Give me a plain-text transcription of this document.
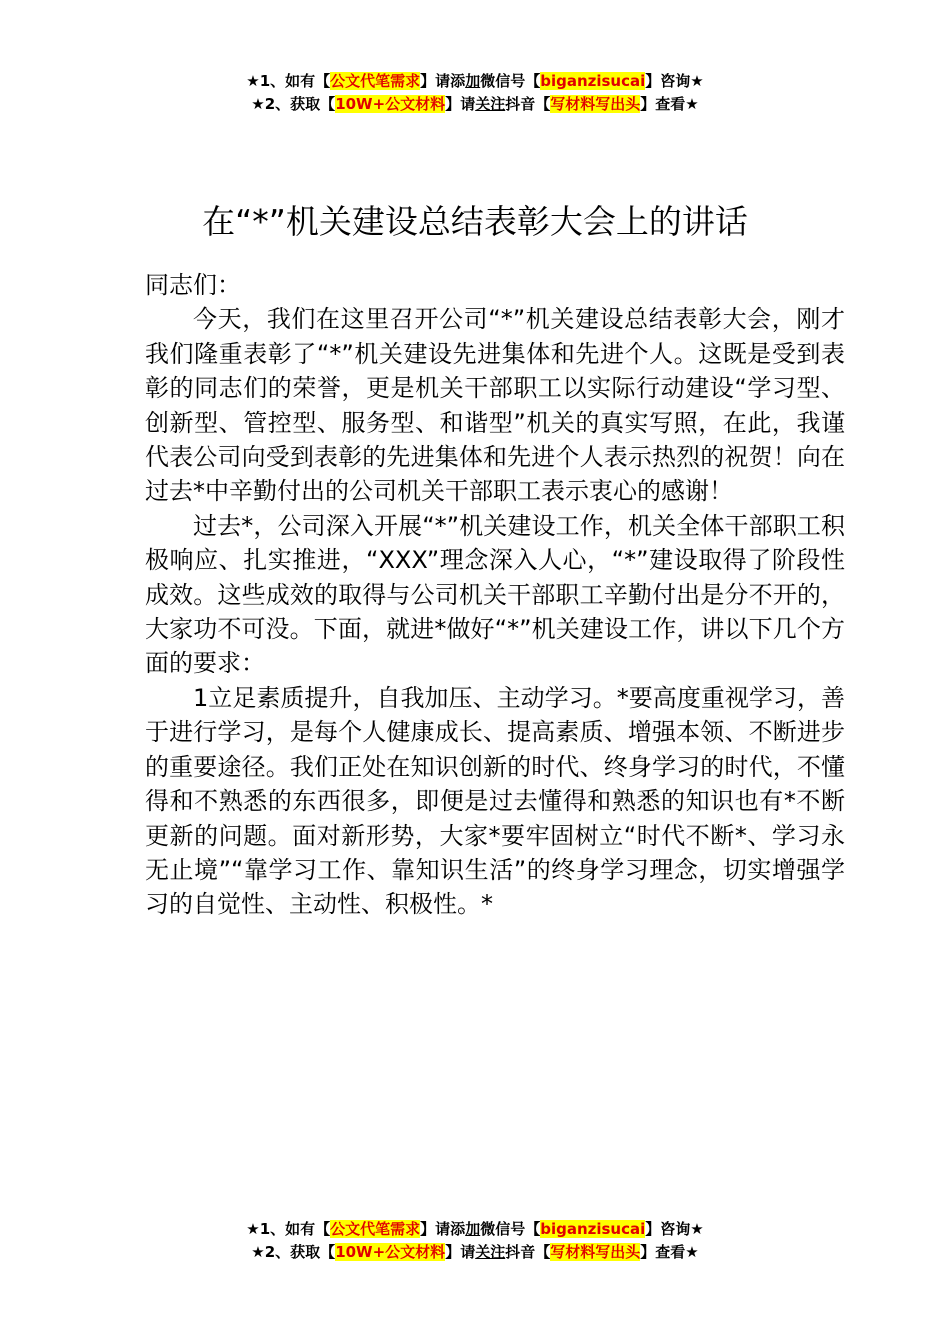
★1、如有【公文代笔需求】请添加微信号【biganzisucai】咨询★
★2、获取【10W+公文材料】请关注抖音【写材料写出头】查看★
在“*”机关建设总结表彰大会上的讲话

同志们：

今天，我们在这里召开公司“*”机关建设总结表彰大会，刚才我们隆重表彰了“*”机关建设先进集体和先进个人。这既是受到表彰的同志们的荣誉，更是机关干部职工以实际行动建设“学习型、创新型、管控型、服务型、和谐型”机关的真实写照，在此，我谨代表公司向受到表彰的先进集体和先进个人表示热烈的祝贺！向在过去*中辛勤付出的公司机关干部职工表示衷心的感谢！

过去*，公司深入开展“*”机关建设工作，机关全体干部职工积极响应、扎实推进，“XXX”理念深入人心，“*”建设取得了阶段性成效。这些成效的取得与公司机关干部职工辛勤付出是分不开的，大家功不可没。下面，就进*做好“*”机关建设工作，讲以下几个方面的要求：

1立足素质提升，自我加压、主动学习。*要高度重视学习，善于进行学习，是每个人健康成长、提高素质、增强本领、不断进步的重要途径。我们正处在知识创新的时代、终身学习的时代，不懂得和不熟悉的东西很多，即便是过去懂得和熟悉的知识也有*不断更新的问题。面对新形势，大家*要牢固树立“时代不断*、学习永无止境”“靠学习工作、靠知识生活”的终身学习理念，切实增强学习的自觉性、主动性、积极性。*

★1、如有【公文代笔需求】请添加微信号【biganzisucai】咨询★
★2、获取【10W+公文材料】请关注抖音【写材料写出头】查看★
